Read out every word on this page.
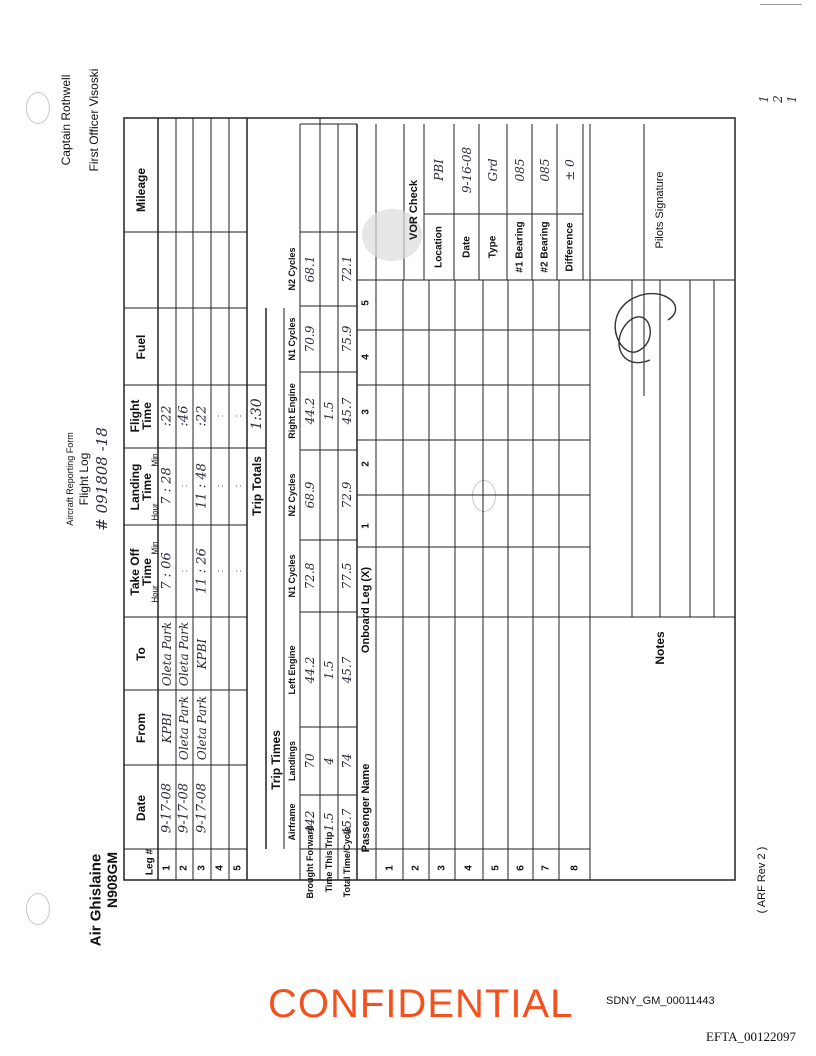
1 2 1
Leg #
Date
From
To
Take Off
Time
Hour
Min
Landing
Time
Hour
Min
Flight
Time
Fuel
Mileage
1
9-17-08
KPBI
Oleta Park
7 : 06
7 : 28
:22
2
9-17-08
Oleta Park
Oleta Park
:
:
:46
3
9-17-08
Oleta Park
KPBI
11 : 26
11 : 48
:22
4
:
:
:
5
:
:
:
Trip Totals
1:30
Trip Times
Airframe
Landings
Left Engine
N1 Cycles
N2 Cycles
Right Engine
N1 Cycles
N2 Cycles
Brought Forward
442
70
44.2
72.8
68.9
44.2
70.9
68.1
Time This Trip
1.5
4
1.5
1.5
Total Time/Cycle
45.7
74
45.7
77.5
72.9
45.7
75.9
72.1
Passenger Name
Onboard Leg (X)
1
2
3
4
5
1 2 3 4 5 6 7 8
Notes
VOR Check
Location
PBI
Date
9-16-08
Type
Grd
#1 Bearing
085
#2 Bearing
085
Difference
± 0
Pilots Signature
Air Ghislaine N908GM
Aircraft Reporting Form Flight Log # 091808 -18
Captain Rothwell First Officer Visoski
( ARF Rev 2 )
CONFIDENTIAL	SDNY_GM_00011443
EFTA_00122097
